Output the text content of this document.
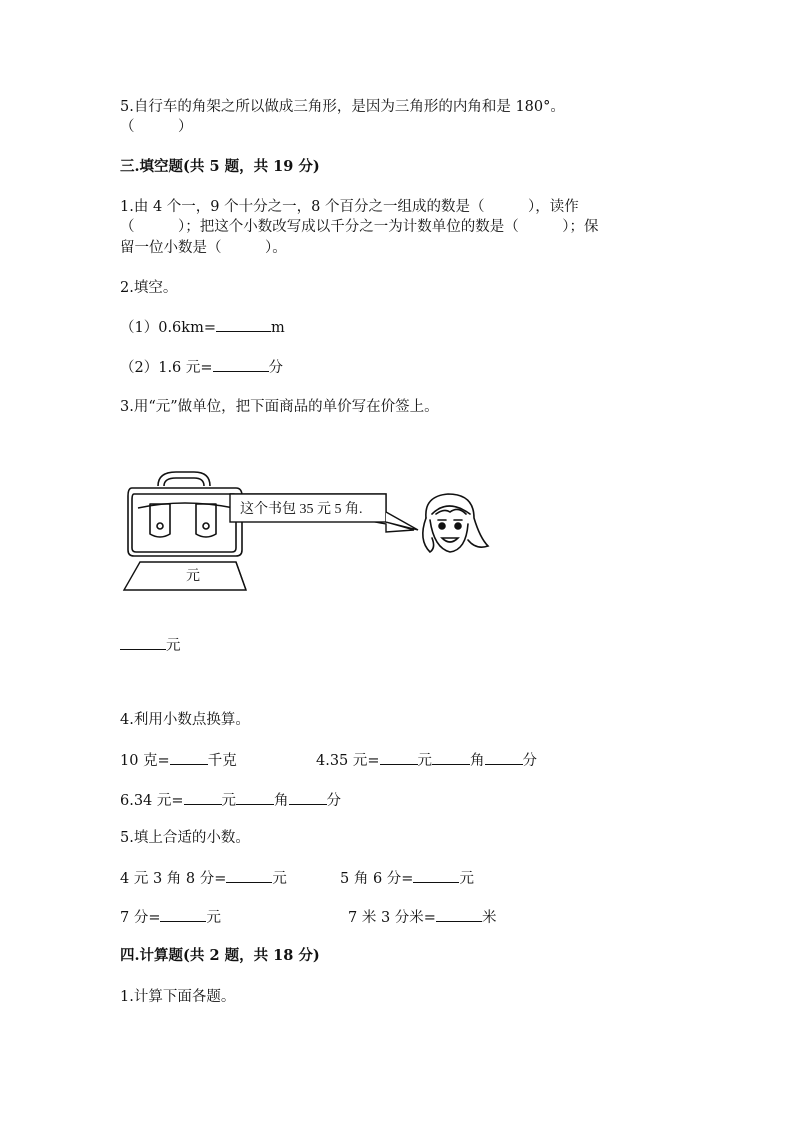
5.自行车的角架之所以做成三角形，是因为三角形的内角和是 180°。
（　　　）
三.填空题(共 5 题，共 19 分)
1.由 4 个一，9 个十分之一，8 个百分之一组成的数是（　　　），读作
（　　　）；把这个小数改写成以千分之一为计数单位的数是（　　　）；保
留一位小数是（　　　）。
2.填空。
（1）0.6km=	m
（2）1.6 元=	分
3.用“元”做单位，把下面商品的单价写在价签上。
元
这个书包 35 元 5 角.
元
4.利用小数点换算。
10 克=	千克	4.35 元=	元	角	分
6.34 元=	元	角	分
5.填上合适的小数。
4 元 3 角 8 分=	元	5 角 6 分=	元
7 分=	元	7 米 3 分米=	米
四.计算题(共 2 题，共 18 分)
1.计算下面各题。
